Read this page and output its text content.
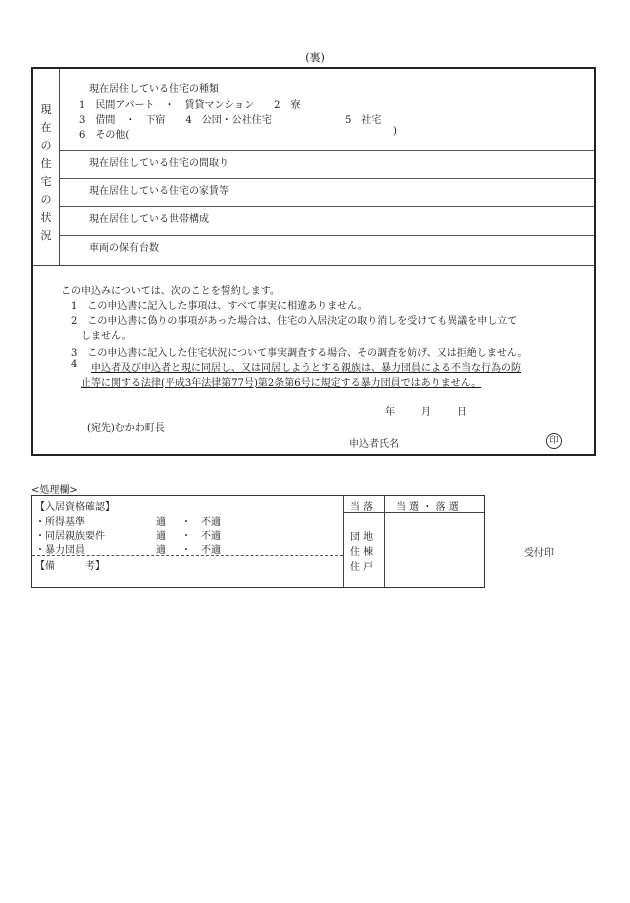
(裏)
現
在
の
住
宅
の
状
況
現在居住している住宅の種類
1　民間アパート　・　賃貸マンション　　2　寮
3　借間　・　下宿　　4　公団・公社住宅	5　社宅
6　その他(	)
現在居住している住宅の間取り
現在居住している住宅の家賃等
現在居住している世帯構成
車両の保有台数
この申込みについては、次のことを誓約します。
1　この申込書に記入した事項は、すべて事実に相違ありません。
2　この申込書に偽りの事項があった場合は、住宅の入居決定の取り消しを受けても異議を申し立て
しません。
3　この申込書に記入した住宅状況について事実調査する場合、その調査を妨げ、又は拒絶しません。
4 申込者及び申込者と現に同居し、又は同居しようとする親族は、暴力団員による不当な行為の防
止等に関する法律(平成3年法律第77号)第2条第6号に規定する暴力団員ではありません。
年	月	日
(宛先)むかわ町長
申込者氏名	印
<処理欄>
【入居資格確認】
・所得基準	適 ・ 不適
・同居親族要件	適 ・ 不適
・暴力団員	適 ・ 不適
【備　　　考】
当 落
団 地
住 棟
住 戸
当 選 ・ 落 選
受付印
